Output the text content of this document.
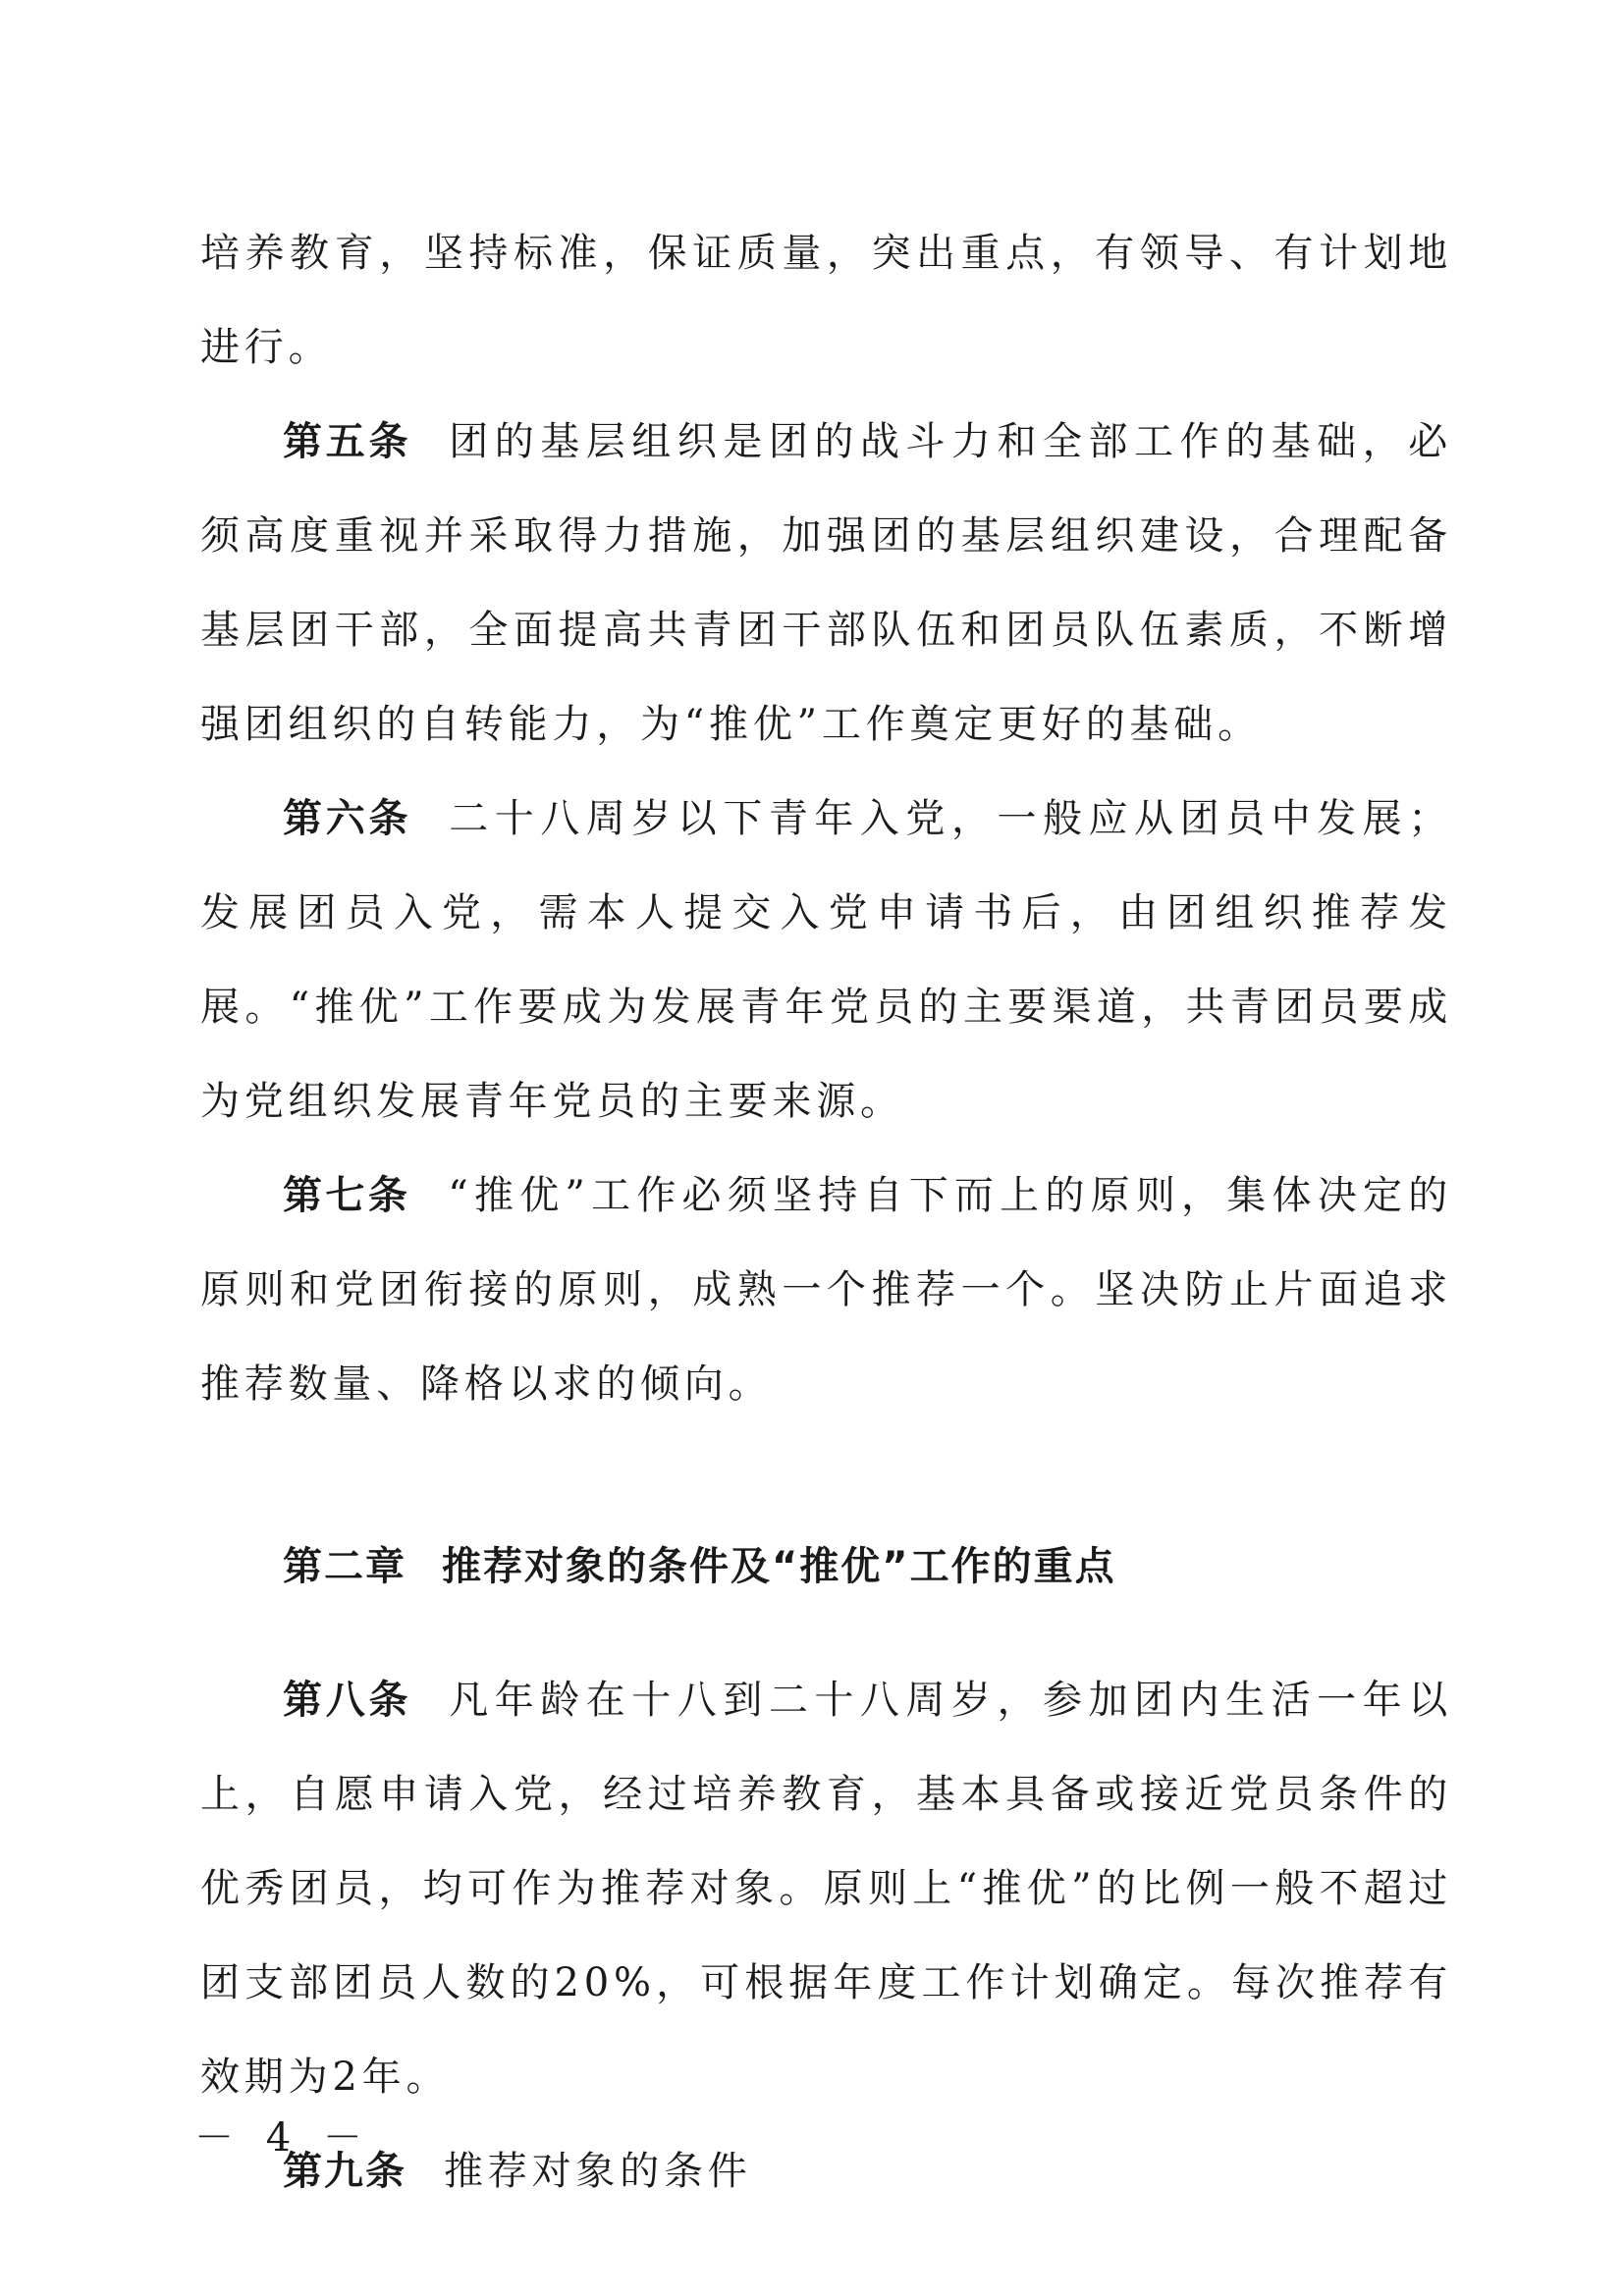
培养教育，坚持标准，保证质量，突出重点，有领导、有计划地进行。

第五条 团的基层组织是团的战斗力和全部工作的基础，必须高度重视并采取得力措施，加强团的基层组织建设，合理配备基层团干部，全面提高共青团干部队伍和团员队伍素质，不断增强团组织的自转能力，为“推优”工作奠定更好的基础。

第六条 二十八周岁以下青年入党，一般应从团员中发展；发展团员入党，需本人提交入党申请书后，由团组织推荐发展。“推优”工作要成为发展青年党员的主要渠道，共青团员要成为党组织发展青年党员的主要来源。

第七条 “推优”工作必须坚持自下而上的原则，集体决定的原则和党团衔接的原则，成熟一个推荐一个。坚决防止片面追求推荐数量、降格以求的倾向。

第二章 推荐对象的条件及“推优”工作的重点

第八条 凡年龄在十八到二十八周岁，参加团内生活一年以上，自愿申请入党，经过培养教育，基本具备或接近党员条件的优秀团员，均可作为推荐对象。原则上“推优”的比例一般不超过团支部团员人数的20%，可根据年度工作计划确定。每次推荐有效期为2年。

第九条 推荐对象的条件

－ 4 －
